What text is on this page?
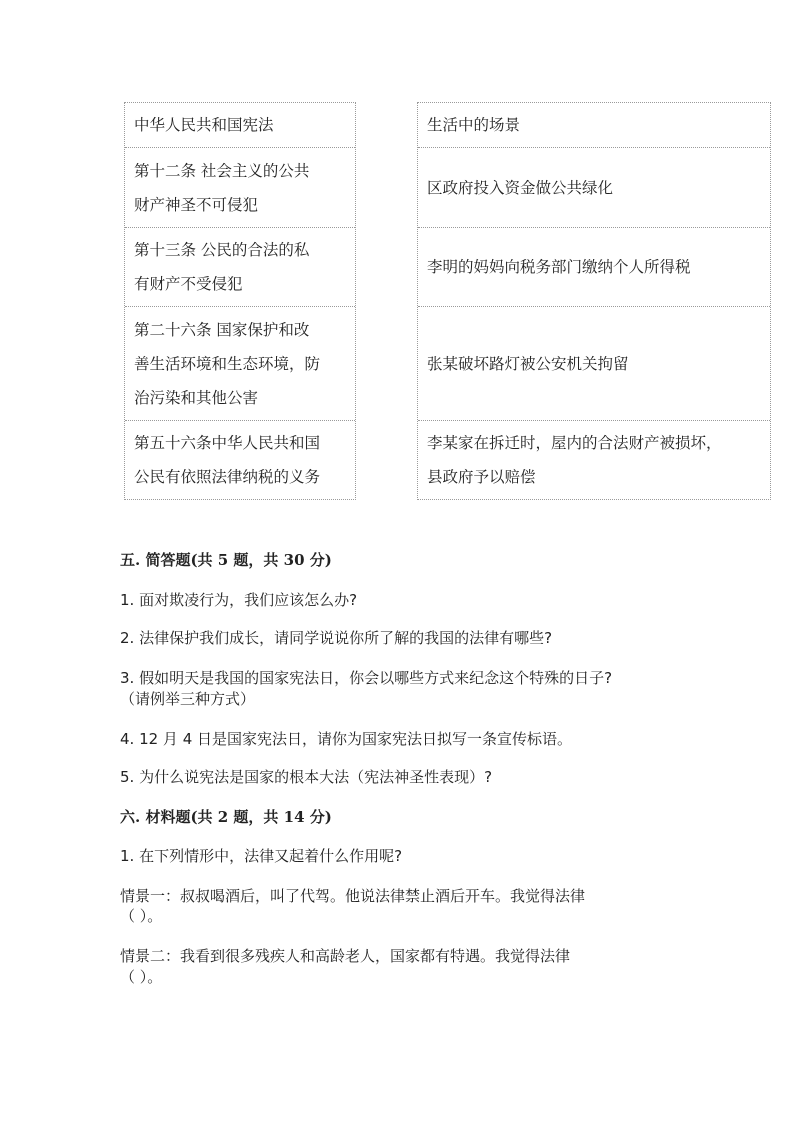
中华人民共和国宪法
第十二条 社会主义的公共
财产神圣不可侵犯
第十三条 公民的合法的私
有财产不受侵犯
第二十六条 国家保护和改
善生活环境和生态环境，防
治污染和其他公害
第五十六条中华人民共和国
公民有依照法律纳税的义务
生活中的场景
区政府投入资金做公共绿化
李明的妈妈向税务部门缴纳个人所得税
张某破坏路灯被公安机关拘留
李某家在拆迁时，屋内的合法财产被损坏，
县政府予以赔偿
五. 简答题(共 5 题，共 30 分)
1. 面对欺凌行为，我们应该怎么办?
2. 法律保护我们成长，请同学说说你所了解的我国的法律有哪些?
3. 假如明天是我国的国家宪法日，你会以哪些方式来纪念这个特殊的日子?
（请例举三种方式）
4. 12 月 4 日是国家宪法日，请你为国家宪法日拟写一条宣传标语。
5. 为什么说宪法是国家的根本大法（宪法神圣性表现）?
六. 材料题(共 2 题，共 14 分)
1. 在下列情形中，法律又起着什么作用呢?
情景一：叔叔喝酒后，叫了代驾。他说法律禁止酒后开车。我觉得法律
（ ）。
情景二：我看到很多残疾人和高龄老人，国家都有特遇。我觉得法律
（ ）。
